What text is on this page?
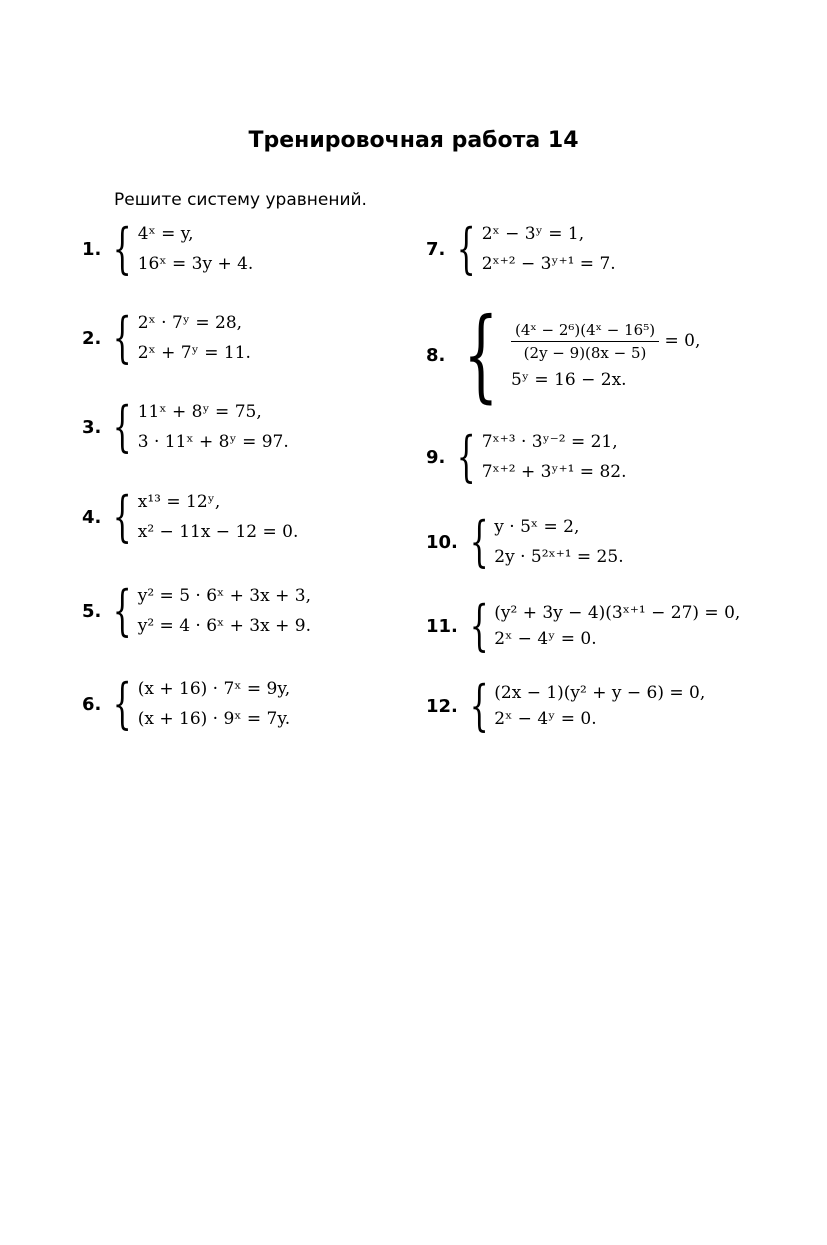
Тренировочная работа 14
Решите систему уравнений.
1. { 4ˣ = y,
16ˣ = 3y + 4.
2. { 2ˣ · 7ʸ = 28,
2ˣ + 7ʸ = 11.
3. { 11ˣ + 8ʸ = 75,
3 · 11ˣ + 8ʸ = 97.
4. { x¹³ = 12ʸ,
x² − 11x − 12 = 0.
5. { y² = 5 · 6ˣ + 3x + 3,
y² = 4 · 6ˣ + 3x + 9.
6. { (x + 16) · 7ˣ = 9y,
(x + 16) · 9ˣ = 7y.
7. { 2ˣ − 3ʸ = 1,
2ˣ⁺² − 3ʸ⁺¹ = 7.
8. { $\frac{\text{(4ˣ − 2⁶)(4ˣ − 16⁵)}}{(2y - 9)(8x - 5)} = 0$,
5ʸ = 16 − 2x.
9. { 7ˣ⁺³ · 3ʸ⁻² = 21,
7ˣ⁺² + 3ʸ⁺¹ = 82.
10. { y · 5ˣ = 2,
2y · 5²ˣ⁺¹ = 25.
11. { (y² + 3y − 4)(3ˣ⁺¹ − 27) = 0,
2ˣ − 4ʸ = 0.
12. { (2x − 1)(y² + y − 6) = 0,
2ˣ − 4ʸ = 0.
